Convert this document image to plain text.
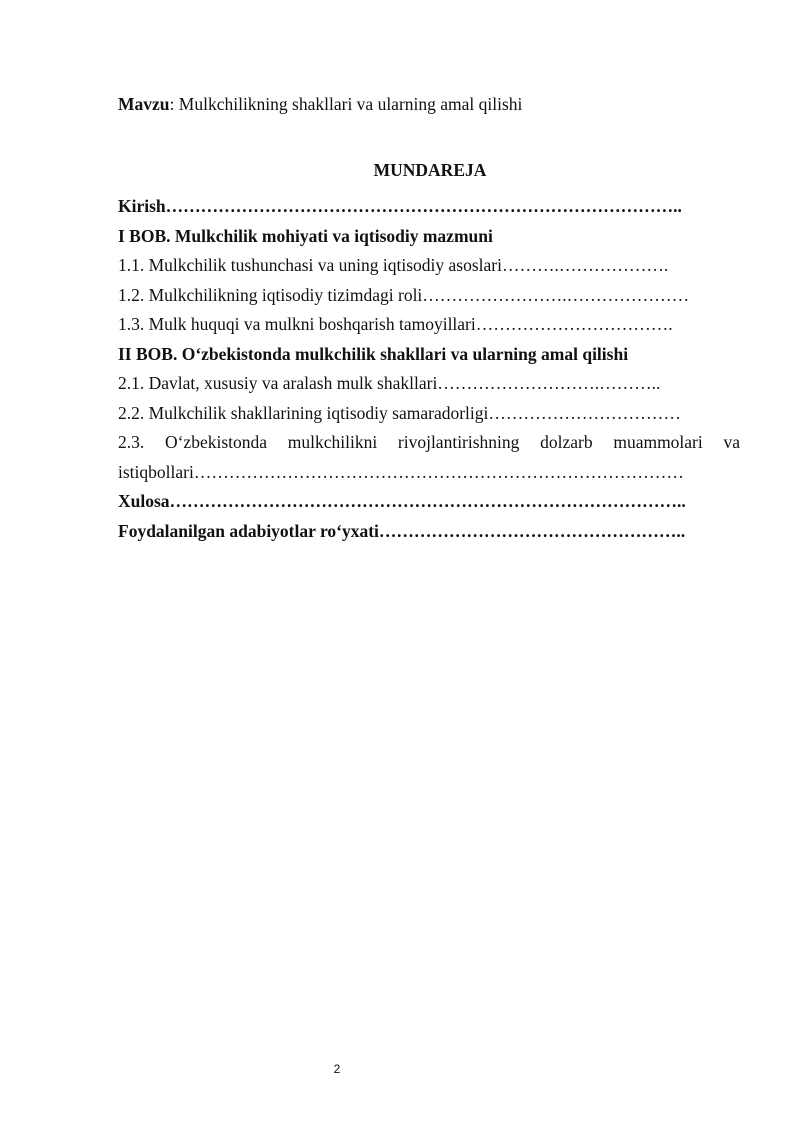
Mavzu: Mulkchilikning shakllari va ularning amal qilishi
MUNDAREJA
Kirish……………………………………………………………………………..
I BOB. Mulkchilik mohiyati va iqtisodiy mazmuni
1.1. Mulkchilik tushunchasi va uning iqtisodiy asoslari……….……………….
1.2. Mulkchilikning iqtisodiy tizimdagi roli…………………….…………………
1.3. Mulk huquqi va mulkni boshqarish tamoyillari…………………………….
II BOB. O‘zbekistonda mulkchilik shakllari va ularning amal qilishi
2.1. Davlat, xususiy va aralash mulk shakllari……………………….………..
2.2. Mulkchilik shakllarining iqtisodiy samaradorligi……………………………
2.3. O‘zbekistonda mulkchilikni rivojlantirishning dolzarb muammolari va
istiqbollari…………………………………………………………………………
Xulosa……………………………………………………………………………..
Foydalanilgan adabiyotlar ro‘yxati……………………………………………..
2
